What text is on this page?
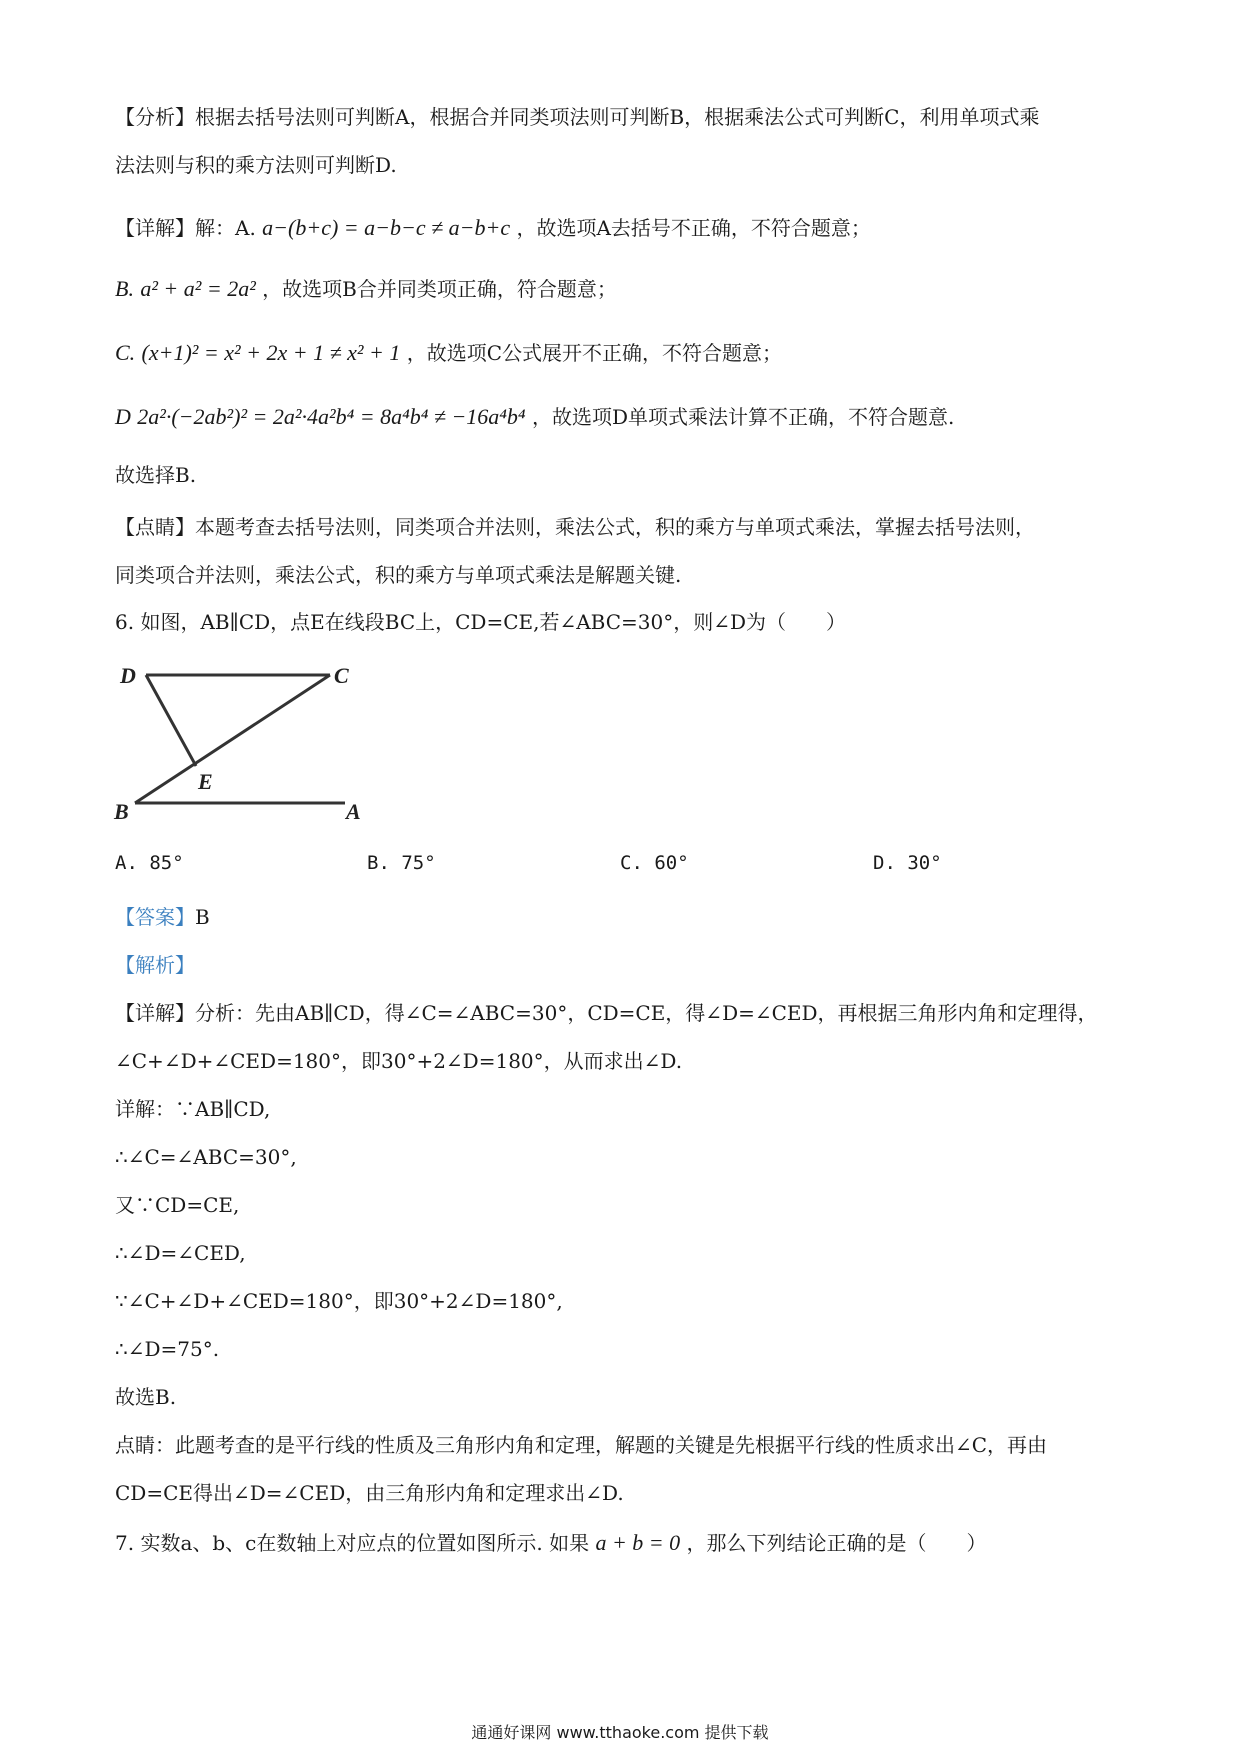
【分析】根据去括号法则可判断A，根据合并同类项法则可判断B，根据乘法公式可判断C，利用单项式乘
法法则与积的乘方法则可判断D.
【详解】解：A. a−(b+c) = a−b−c ≠ a−b+c ，故选项A去括号不正确，不符合题意；
B. a² + a² = 2a² ，故选项B合并同类项正确，符合题意；
C. (x+1)² = x² + 2x + 1 ≠ x² + 1 ，故选项C公式展开不正确，不符合题意；
D 2a²·(−2ab²)² = 2a²·4a²b⁴ = 8a⁴b⁴ ≠ −16a⁴b⁴ ，故选项D单项式乘法计算不正确，不符合题意.
故选择B.
【点睛】本题考查去括号法则，同类项合并法则，乘法公式，积的乘方与单项式乘法，掌握去括号法则，
同类项合并法则，乘法公式，积的乘方与单项式乘法是解题关键.
6. 如图，AB∥CD，点E在线段BC上，CD=CE,若∠ABC=30°，则∠D为（　　）
D	C
E
B	A
A. 85°	B. 75°	C. 60°	D. 30°
【答案】B
【解析】
【详解】分析：先由AB∥CD，得∠C=∠ABC=30°，CD=CE，得∠D=∠CED，再根据三角形内角和定理得，
∠C+∠D+∠CED=180°，即30°+2∠D=180°，从而求出∠D.
详解：∵AB∥CD,
∴∠C=∠ABC=30°,
又∵CD=CE,
∴∠D=∠CED,
∵∠C+∠D+∠CED=180°，即30°+2∠D=180°,
∴∠D=75°.
故选B.
点睛：此题考查的是平行线的性质及三角形内角和定理，解题的关键是先根据平行线的性质求出∠C，再由
CD=CE得出∠D=∠CED，由三角形内角和定理求出∠D.
7. 实数a、b、c在数轴上对应点的位置如图所示. 如果 a + b = 0 ，那么下列结论正确的是（　　）
通通好课网 www.tthaoke.com 提供下载
